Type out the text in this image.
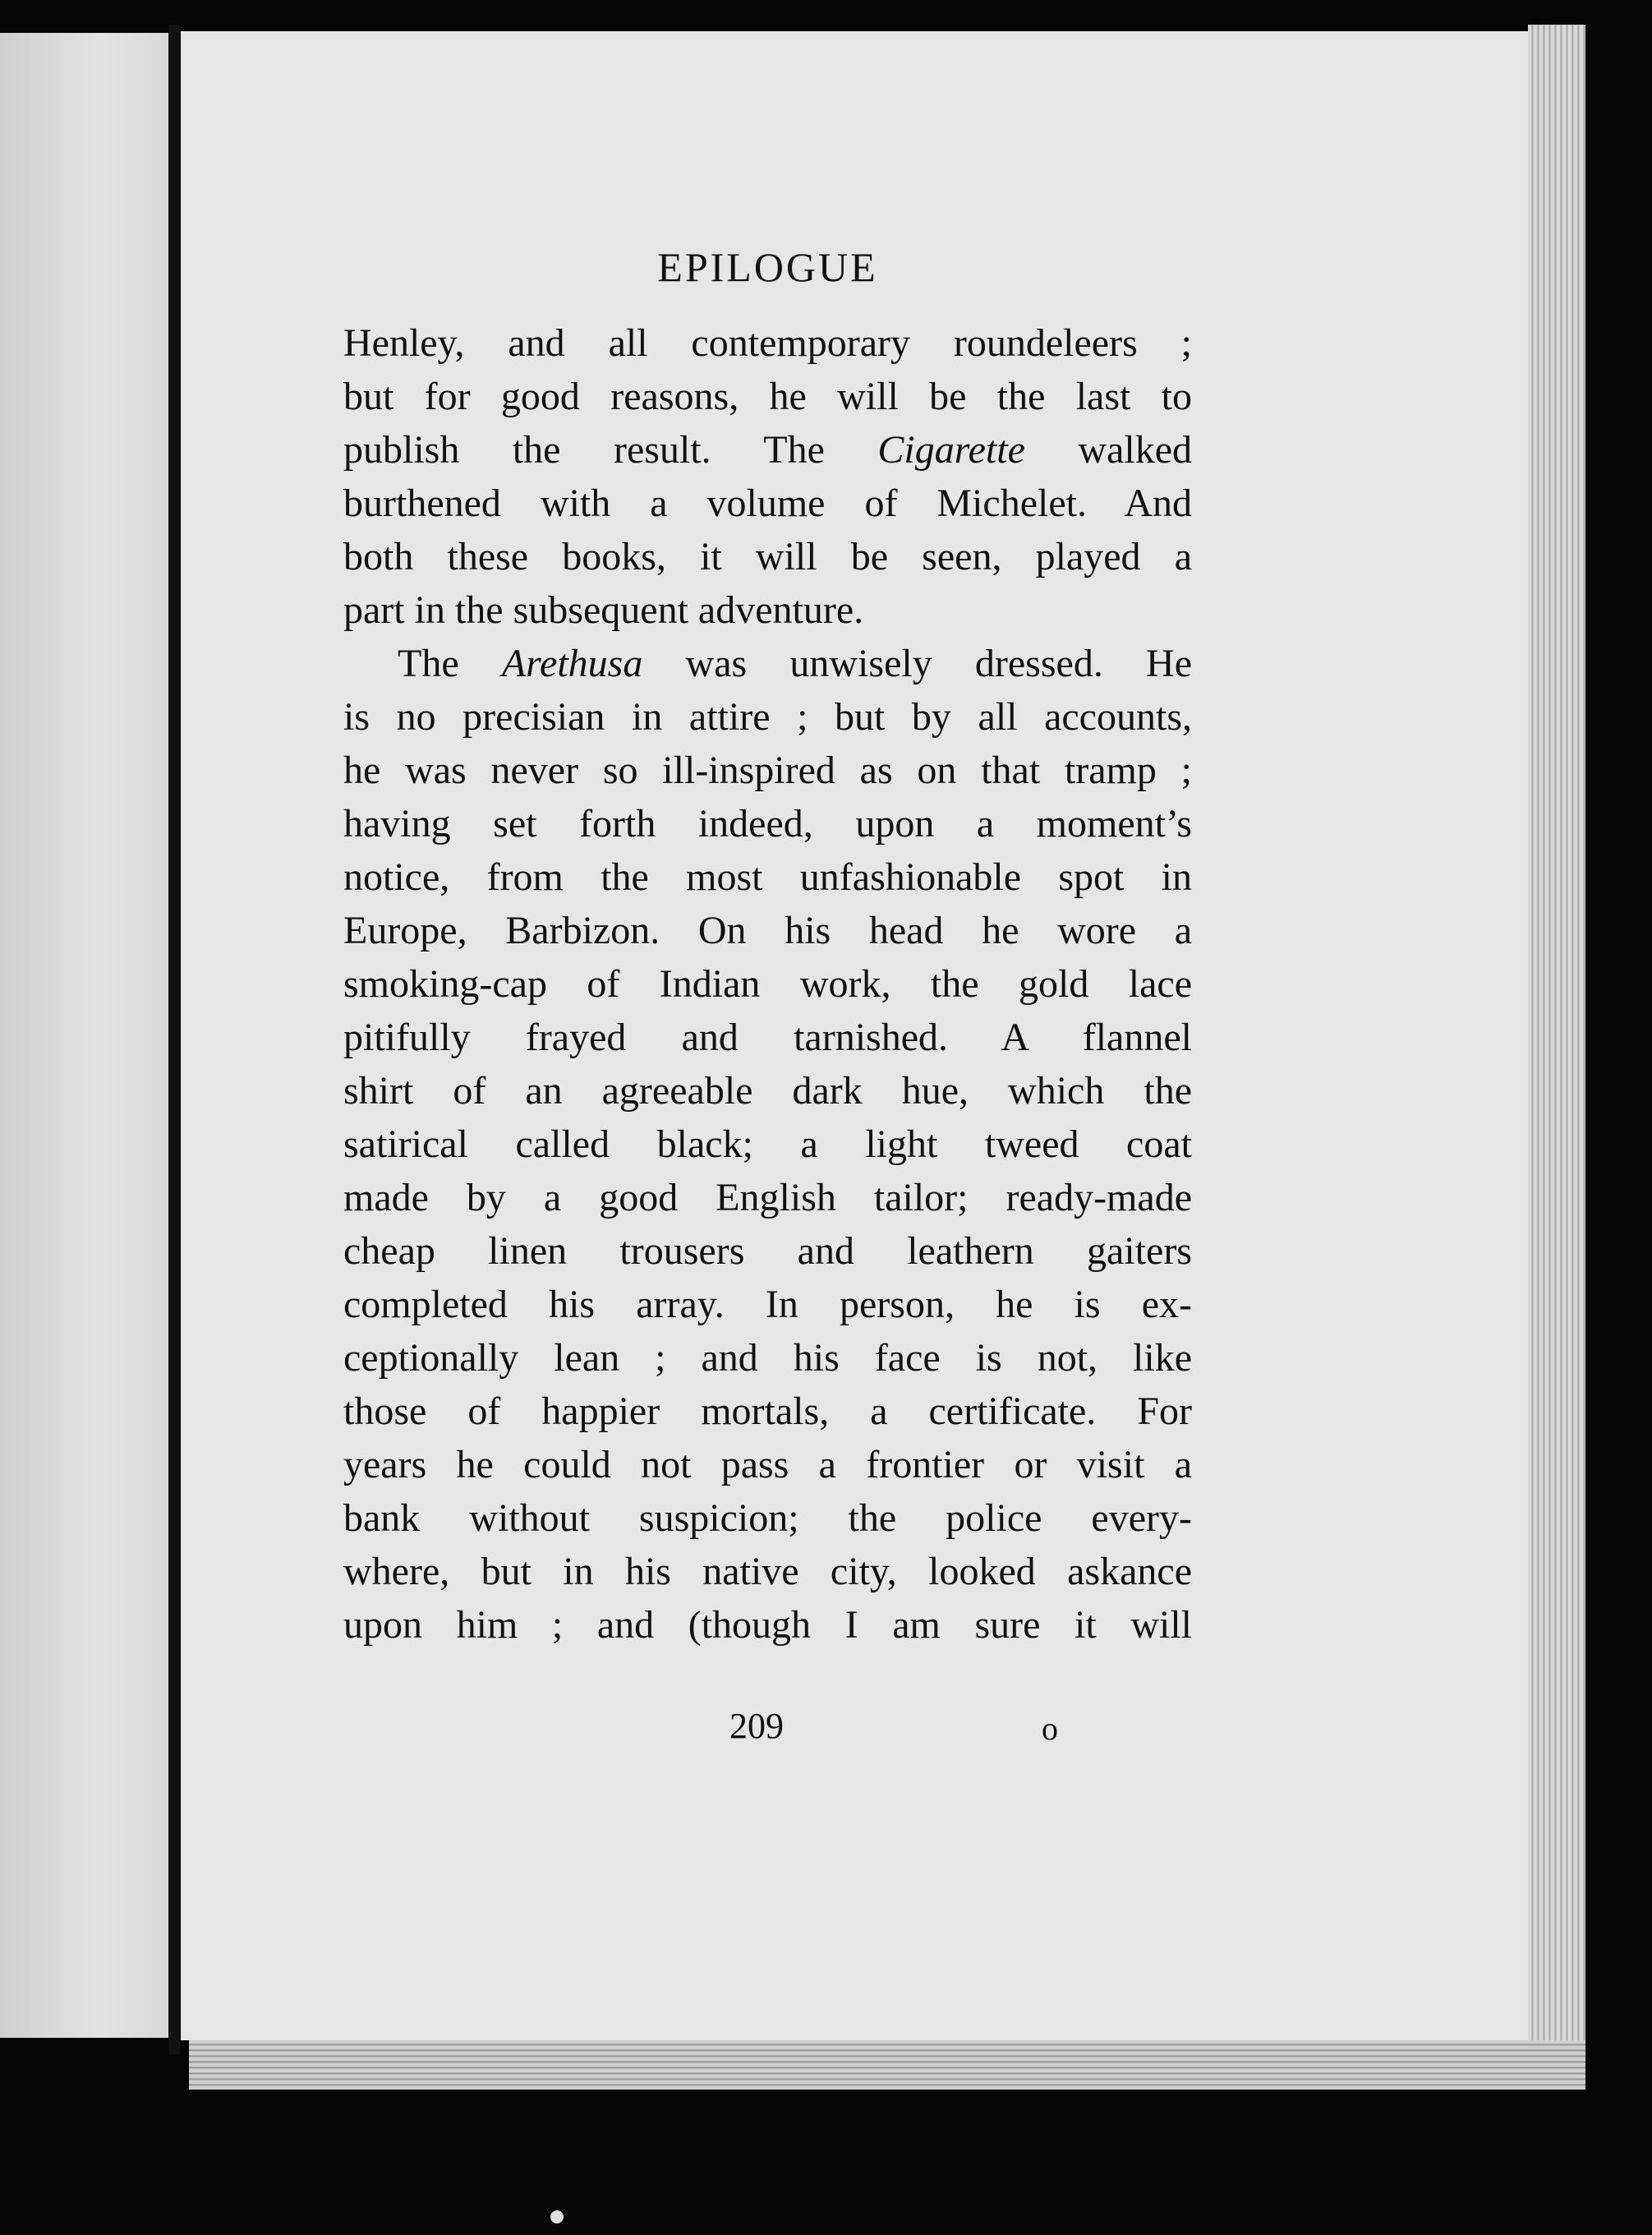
EPILOGUE
Henley, and all contemporary roundeleers ;
but for good reasons, he will be the last to
publish the result. The Cigarette walked
burthened with a volume of Michelet. And
both these books, it will be seen, played a
part in the subsequent adventure.
The Arethusa was unwisely dressed. He
is no precisian in attire ; but by all accounts,
he was never so ill-inspired as on that tramp ;
having set forth indeed, upon a moment’s
notice, from the most unfashionable spot in
Europe, Barbizon. On his head he wore a
smoking-cap of Indian work, the gold lace
pitifully frayed and tarnished. A flannel
shirt of an agreeable dark hue, which the
satirical called black; a light tweed coat
made by a good English tailor; ready-made
cheap linen trousers and leathern gaiters
completed his array. In person, he is ex-
ceptionally lean ; and his face is not, like
those of happier mortals, a certificate. For
years he could not pass a frontier or visit a
bank without suspicion; the police every-
where, but in his native city, looked askance
upon him ; and (though I am sure it will
209	o
